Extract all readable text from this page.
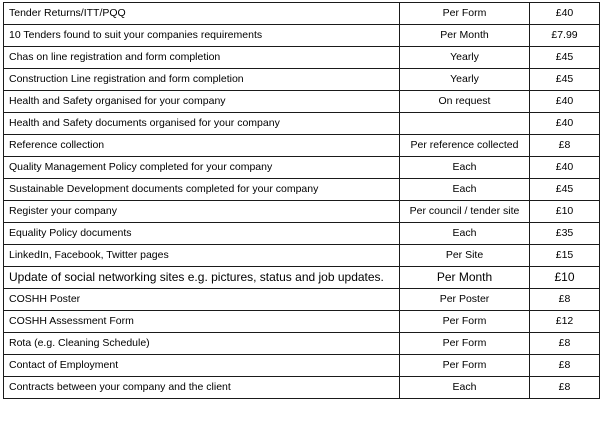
Tender Returns/ITT/PQQ	Per Form	£40
10 Tenders found to suit your companies requirements	Per Month	£7.99
Chas on line registration and form completion	Yearly	£45
Construction Line registration and form completion	Yearly	£45
Health and Safety organised for your company	On request	£40
Health and Safety documents organised for your company		£40
Reference collection	Per reference collected	£8
Quality Management Policy completed for your company	Each	£40
Sustainable Development documents completed for your company	Each	£45
Register your company	Per council / tender site	£10
Equality Policy documents	Each	£35
LinkedIn, Facebook, Twitter pages	Per Site	£15
Update of social networking sites e.g. pictures, status and job updates.	Per Month	£10
COSHH Poster	Per Poster	£8
COSHH Assessment Form	Per Form	£12
Rota (e.g. Cleaning Schedule)	Per Form	£8
Contact of Employment	Per Form	£8
Contracts between your company and the client	Each	£8
